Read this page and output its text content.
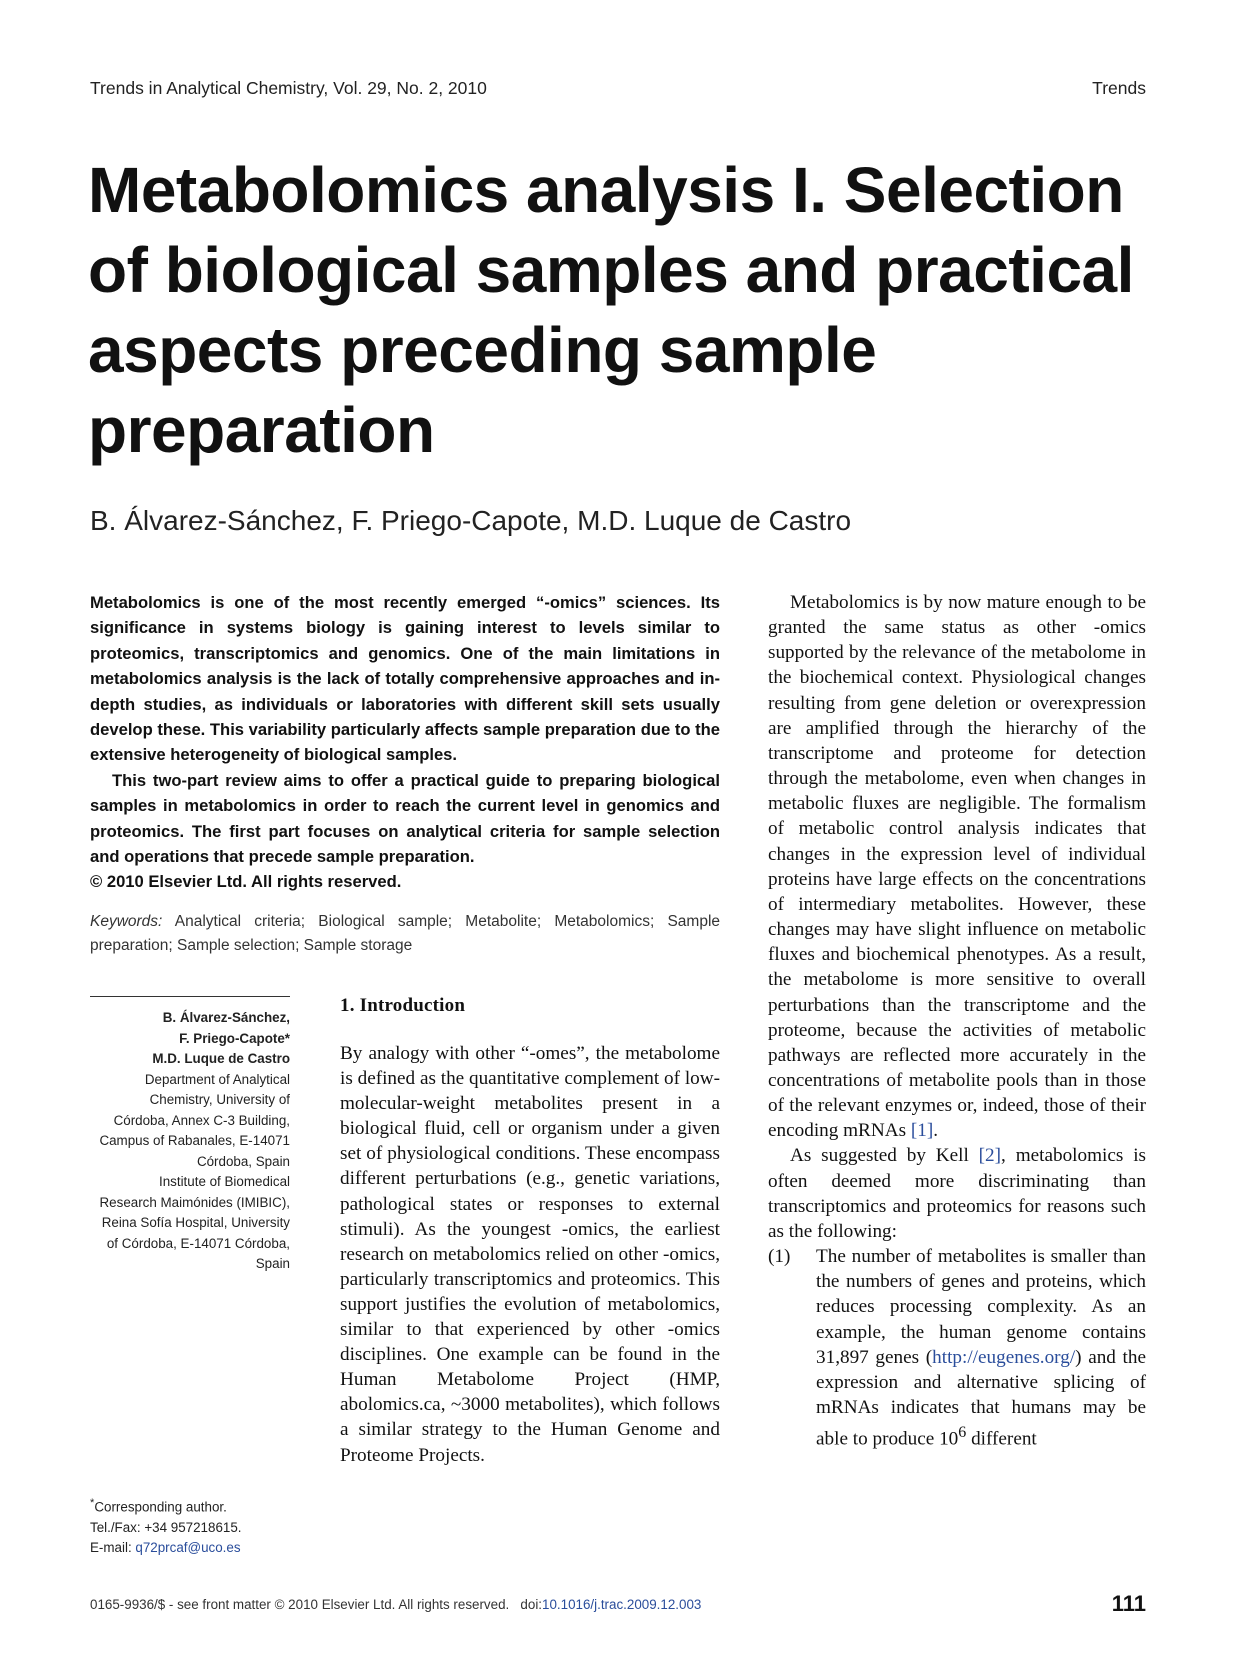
Trends in Analytical Chemistry, Vol. 29, No. 2, 2010	Trends
Metabolomics analysis I. Selection of biological samples and practical aspects preceding sample preparation
B. Álvarez-Sánchez, F. Priego-Capote, M.D. Luque de Castro

Metabolomics is one of the most recently emerged “-omics” sciences. Its significance in systems biology is gaining interest to levels similar to proteomics, transcriptomics and genomics. One of the main limitations in metabolomics analysis is the lack of totally comprehensive approaches and in-depth studies, as individuals or laboratories with different skill sets usually develop these. This variability particularly affects sample preparation due to the extensive heterogeneity of biological samples.

This two-part review aims to offer a practical guide to preparing biological samples in metabolomics in order to reach the current level in genomics and proteomics. The first part focuses on analytical criteria for sample selection and operations that precede sample preparation.

© 2010 Elsevier Ltd. All rights reserved.

Keywords: Analytical criteria; Biological sample; Metabolite; Metabolomics; Sample preparation; Sample selection; Sample storage
B. Álvarez-Sánchez,
F. Priego-Capote*
M.D. Luque de Castro
Department of Analytical
Chemistry, University of
Córdoba, Annex C-3 Building,
Campus of Rabanales, E-14071
Córdoba, Spain
Institute of Biomedical
Research Maimónides (IMIBIC),
Reina Sofía Hospital, University
of Córdoba, E-14071 Córdoba,
Spain
*Corresponding author.
Tel./Fax: +34 957218615.
E-mail: q72prcaf@uco.es
1. Introduction

By analogy with other “-omes”, the metabolome is defined as the quantitative complement of low-molecular-weight metabolites present in a biological fluid, cell or organism under a given set of physiological conditions. These encompass different perturbations (e.g., genetic variations, pathological states or responses to external stimuli). As the youngest -omics, the earliest research on metabolomics relied on other -omics, particularly transcriptomics and proteomics. This support justifies the evolution of metabolomics, similar to that experienced by other -omics disciplines. One example can be found in the Human Metabolome Project (HMP, abolomics.ca, ~3000 metabolites), which follows a similar strategy to the Human Genome and Proteome Projects.

Metabolomics is by now mature enough to be granted the same status as other -omics supported by the relevance of the metabolome in the biochemical context. Physiological changes resulting from gene deletion or overexpression are amplified through the hierarchy of the transcriptome and proteome for detection through the metabolome, even when changes in metabolic fluxes are negligible. The formalism of metabolic control analysis indicates that changes in the expression level of individual proteins have large effects on the concentrations of intermediary metabolites. However, these changes may have slight influence on metabolic fluxes and biochemical phenotypes. As a result, the metabolome is more sensitive to overall perturbations than the transcriptome and the proteome, because the activities of metabolic pathways are reflected more accurately in the concentrations of metabolite pools than in those of the relevant enzymes or, indeed, those of their encoding mRNAs [1].

As suggested by Kell [2], metabolomics is often deemed more discriminating than transcriptomics and proteomics for reasons such as the following:

(1) The number of metabolites is smaller than the numbers of genes and proteins, which reduces processing complexity. As an example, the human genome contains 31,897 genes (http://eugenes.org/) and the expression and alternative splicing of mRNAs indicates that humans may be able to produce $10^6$ different
0165-9936/$ - see front matter © 2010 Elsevier Ltd. All rights reserved. doi:10.1016/j.trac.2009.12.003	111
